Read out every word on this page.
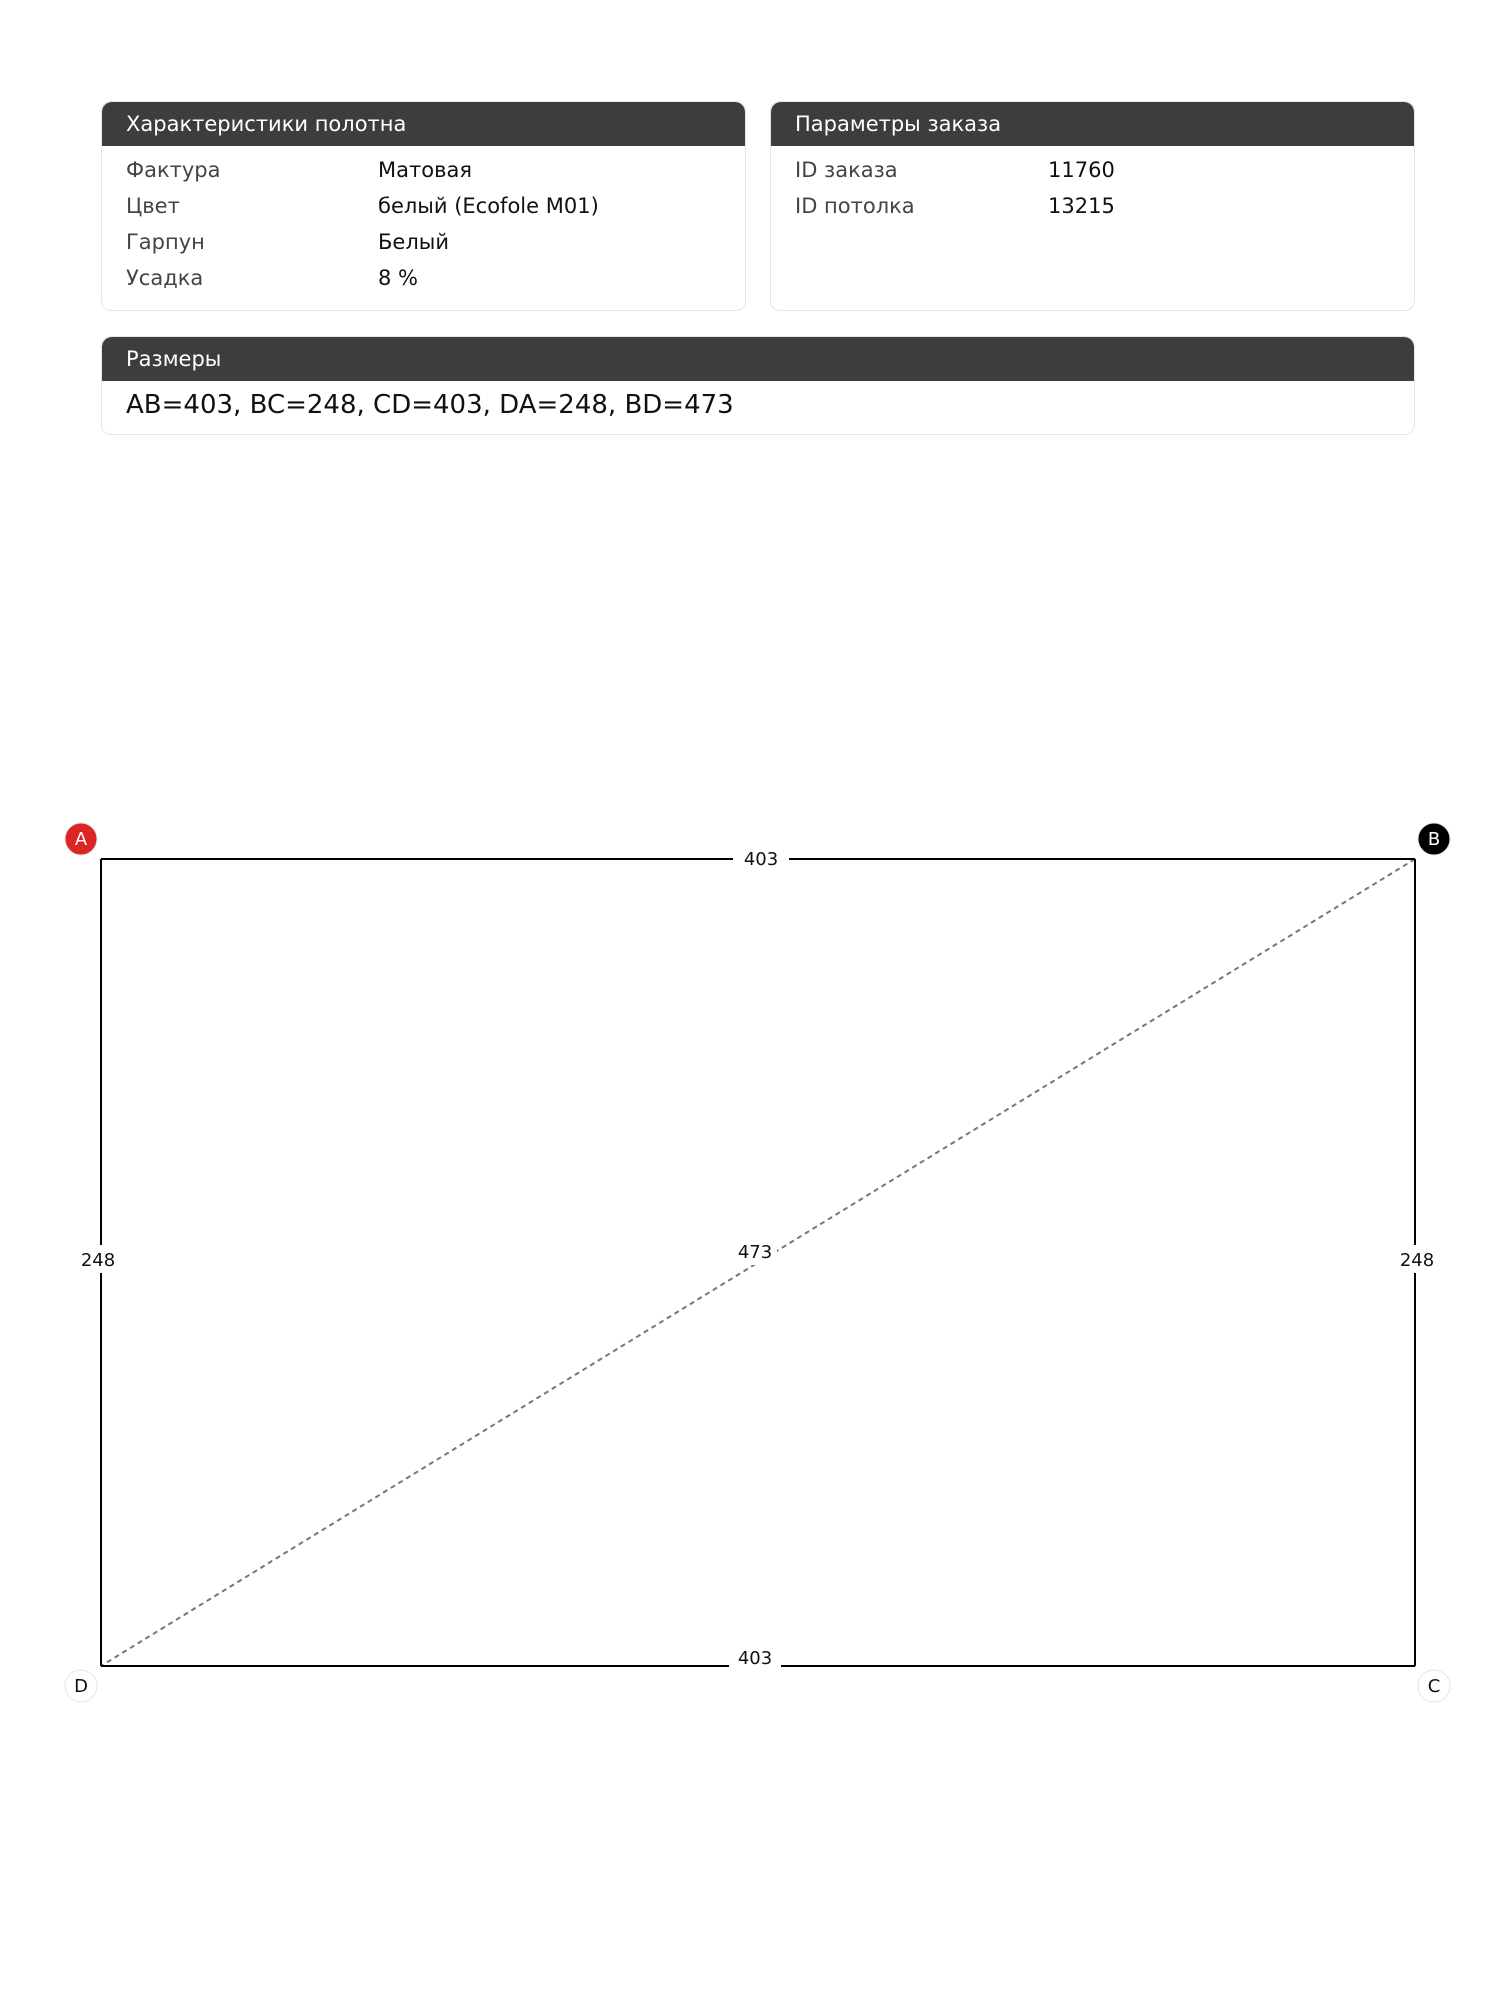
Характеристики полотна
Фактура	Матовая
Цвет	белый (Ecofole M01)
Гарпун	Белый
Усадка	8 %
Параметры заказа
ID заказа	11760
ID потолка	13215
Размеры
AB=403, BC=248, CD=403, DA=248, BD=473
403
248
403
248	473
A	B
C
D
